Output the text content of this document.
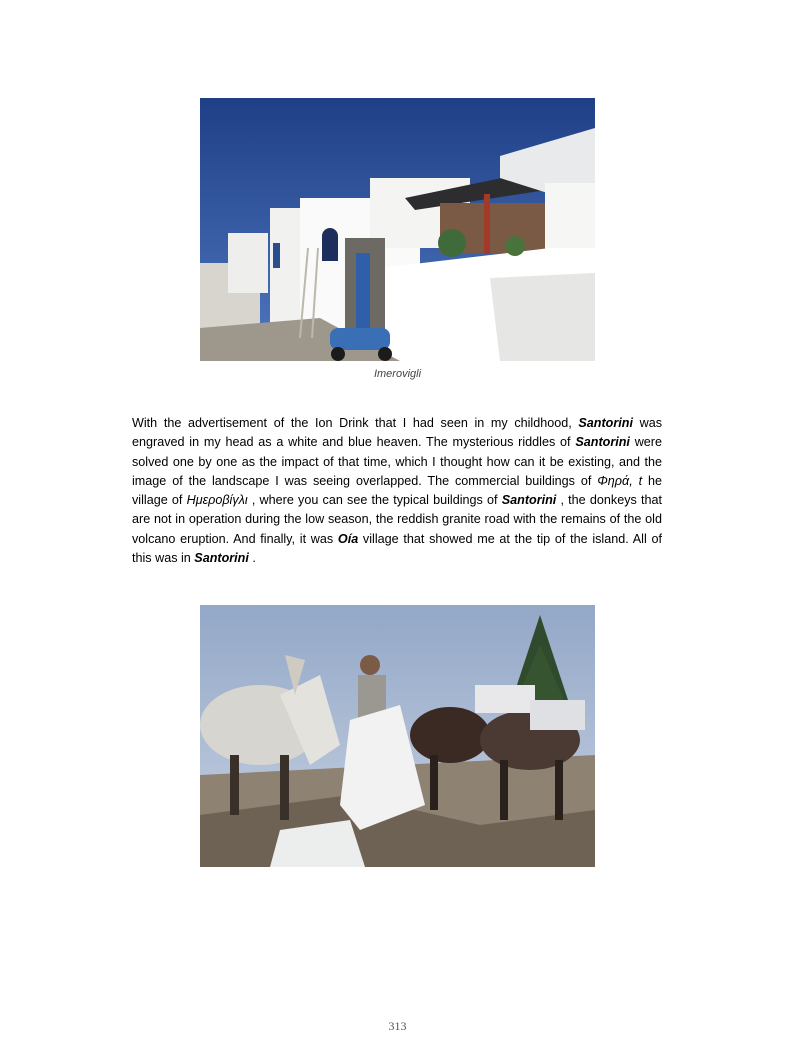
Imerovigli
With the advertisement of the Ion Drink that I had seen in my childhood, Santorini was engraved in my head as a white and blue heaven. The mysterious riddles of Santorini were solved one by one as the impact of that time, which I thought how can it be existing, and the image of the landscape I was seeing overlapped. The commercial buildings of Φηρά, t he village of Ημεροβίγλι , where you can see the typical buildings of Santorini , the donkeys that are not in operation during the low season, the reddish granite road with the remains of the old volcano eruption. And finally, it was Oía village that showed me at the tip of the island. All of this was in Santorini .
313
